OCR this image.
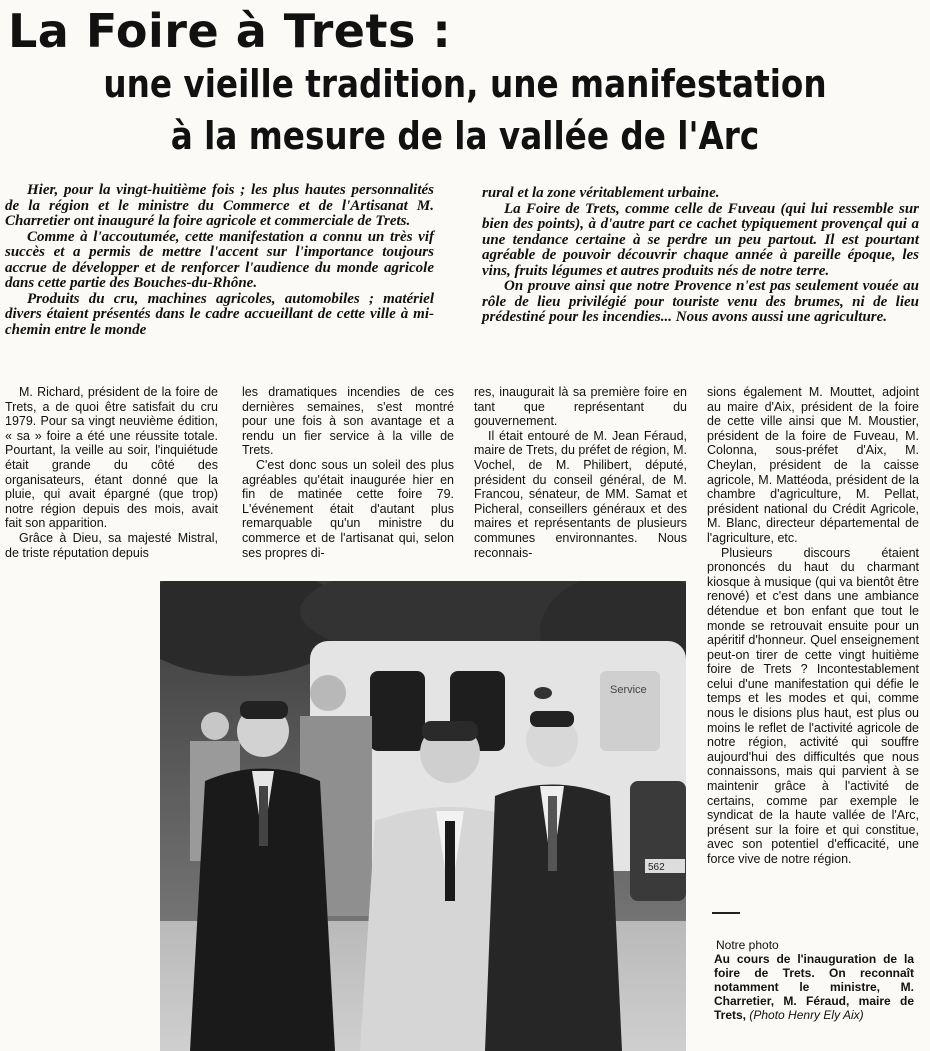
La Foire à Trets :
une vieille tradition, une manifestation
à la mesure de la vallée de l'Arc

Hier, pour la vingt-huitième fois ; les plus hautes personnalités de la région et le ministre du Commerce et de l'Artisanat M. Charretier ont inauguré la foire agricole et commerciale de Trets.

Comme à l'accoutumée, cette manifestation a connu un très vif succès et a permis de mettre l'accent sur l'importance toujours accrue de développer et de renforcer l'audience du monde agricole dans cette partie des Bouches-du-Rhône.

Produits du cru, machines agricoles, automobiles ; matériel divers étaient présentés dans le cadre accueillant de cette ville à mi-chemin entre le monde

rural et la zone véritablement urbaine.

La Foire de Trets, comme celle de Fuveau (qui lui ressemble sur bien des points), à d'autre part ce cachet typiquement provençal qui a une tendance certaine à se perdre un peu partout. Il est pourtant agréable de pouvoir découvrir chaque année à pareille époque, les vins, fruits légumes et autres produits nés de notre terre.

On prouve ainsi que notre Provence n'est pas seulement vouée au rôle de lieu privilégié pour touriste venu des brumes, ni de lieu prédestiné pour les incendies... Nous avons aussi une agriculture.

M. Richard, président de la foire de Trets, a de quoi être satisfait du cru 1979. Pour sa vingt neuvième édition, « sa » foire a été une réussite totale. Pourtant, la veille au soir, l'inquiétude était grande du côté des organisateurs, étant donné que la pluie, qui avait épargné (que trop) notre région depuis des mois, avait fait son apparition.

Grâce à Dieu, sa majesté Mistral, de triste réputation depuis

les dramatiques incendies de ces dernières semaines, s'est montré pour une fois à son avantage et a rendu un fier service à la ville de Trets.

C'est donc sous un soleil des plus agréables qu'était inaugurée hier en fin de matinée cette foire 79. L'événement était d'autant plus remarquable qu'un ministre du commerce et de l'artisanat qui, selon ses propres di-

res, inaugurait là sa première foire en tant que représentant du gouvernement.

Il était entouré de M. Jean Féraud, maire de Trets, du préfet de région, M. Vochel, de M. Philibert, député, président du conseil général, de M. Francou, sénateur, de MM. Samat et Picheral, conseillers généraux et des maires et représentants de plusieurs communes environnantes. Nous reconnais-

sions également M. Mouttet, adjoint au maire d'Aix, président de la foire de cette ville ainsi que M. Moustier, président de la foire de Fuveau, M. Colonna, sous-préfet d'Aix, M. Cheylan, président de la caisse agricole, M. Mattéoda, président de la chambre d'agriculture, M. Pellat, président national du Crédit Agricole, M. Blanc, directeur départemental de l'agriculture, etc.

Plusieurs discours étaient prononcés du haut du charmant kiosque à musique (qui va bientôt être renové) et c'est dans une ambiance détendue et bon enfant que tout le monde se retrouvait ensuite pour un apéritif d'honneur. Quel enseignement peut-on tirer de cette vingt huitième foire de Trets ? Incontestablement celui d'une manifestation qui défie le temps et les modes et qui, comme nous le disions plus haut, est plus ou moins le reflet de l'activité agricole de notre région, activité qui souffre aujourd'hui des difficultés que nous connaissons, mais qui parvient à se maintenir grâce à l'activité de certains, comme par exemple le syndicat de la haute vallée de l'Arc, présent sur la foire et qui constitue, avec son potentiel d'efficacité, une force vive de notre région.

Service
562
Notre photo
Au cours de l'inauguration de la foire de Trets. On reconnaît notamment le ministre, M. Charretier, M. Féraud, maire de Trets, (Photo Henry Ely Aix)
